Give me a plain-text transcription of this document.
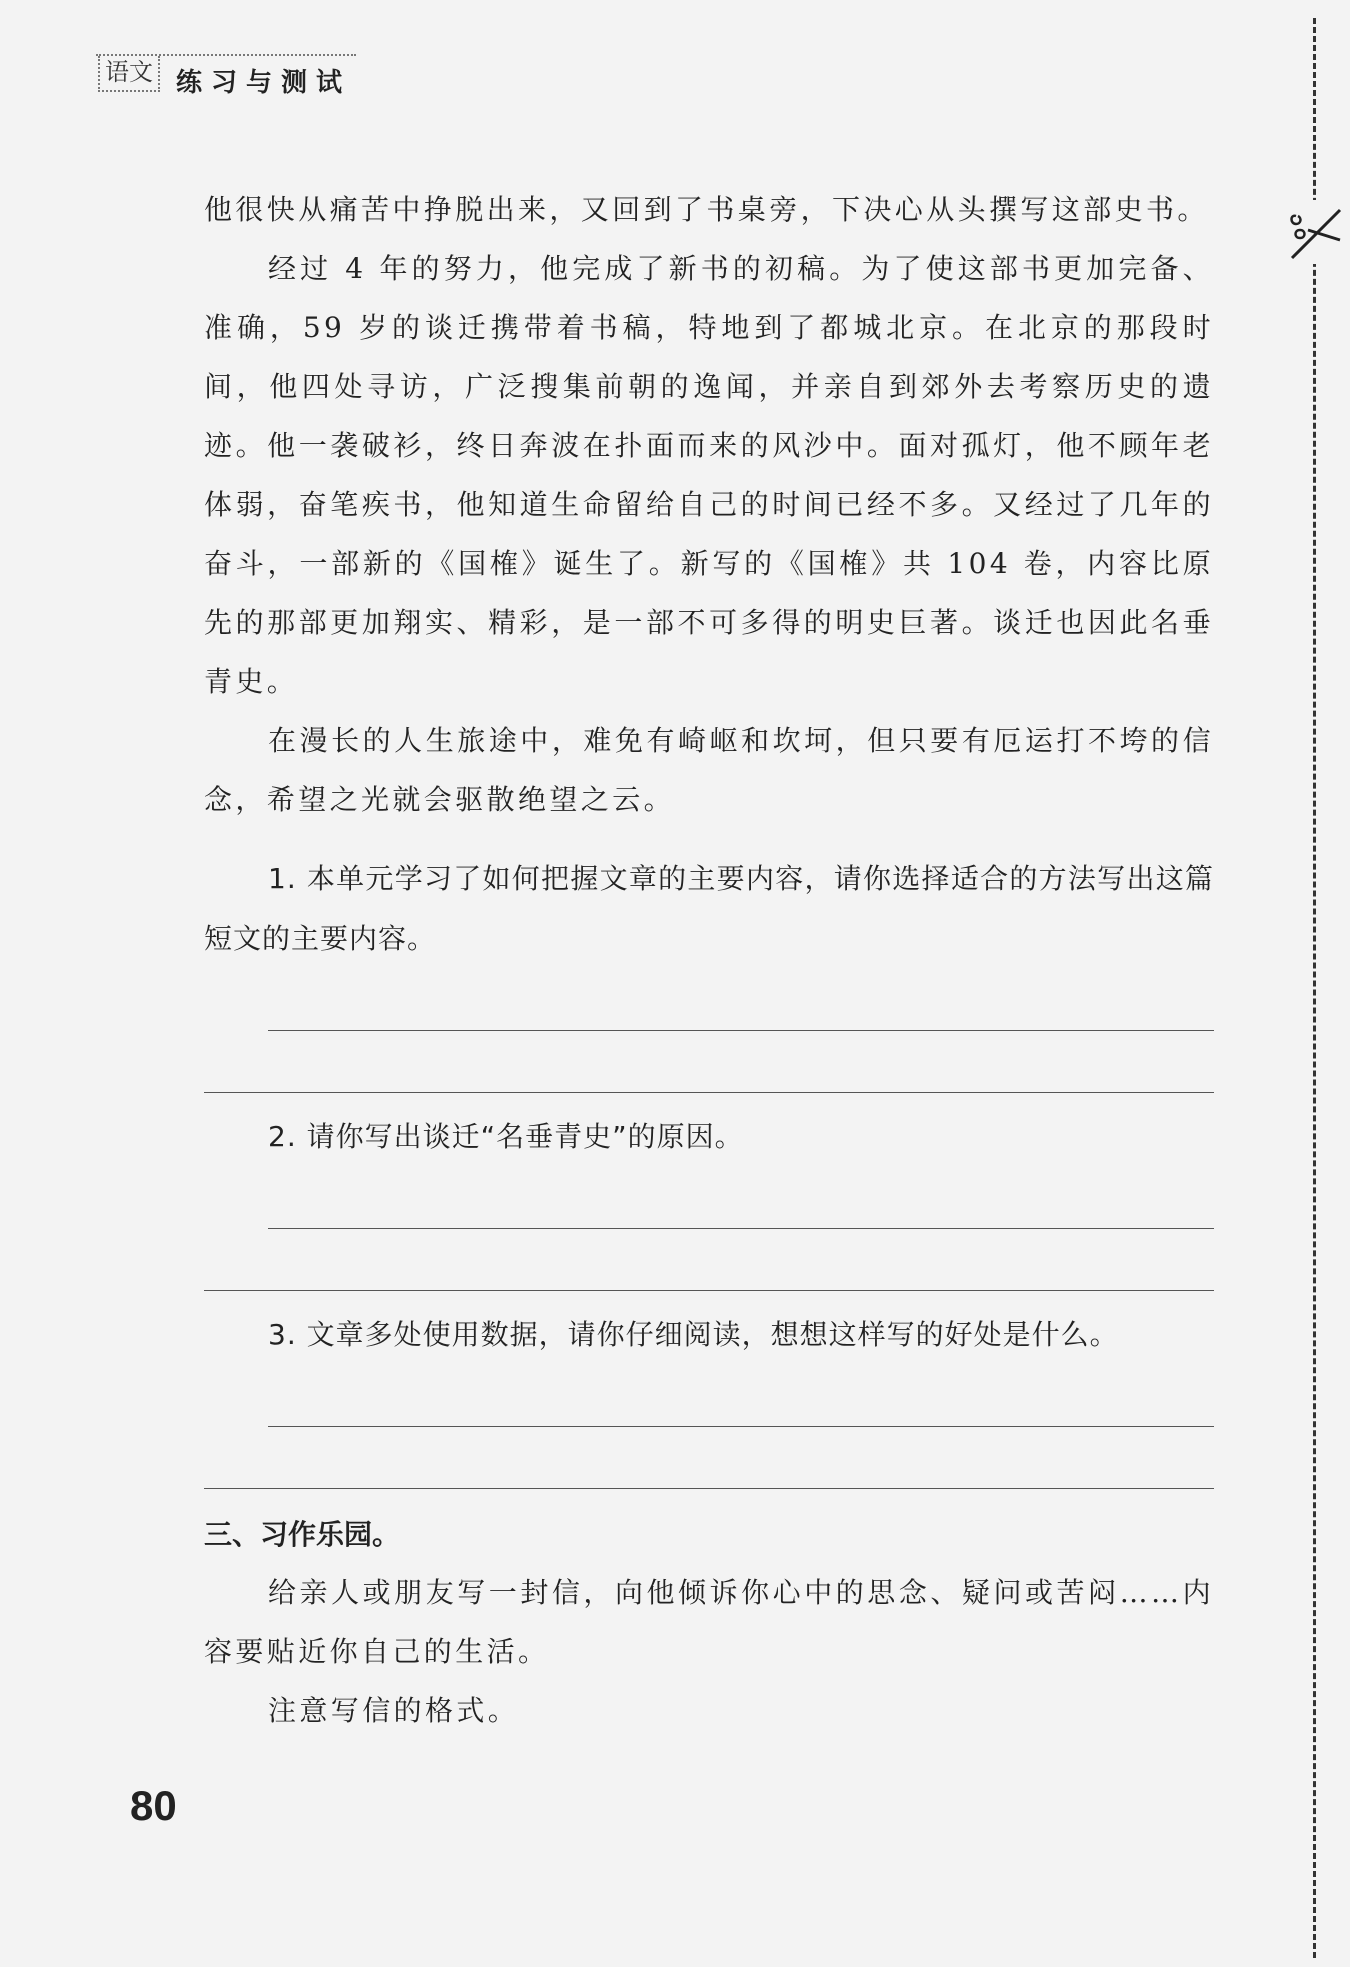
语文 练习与测试

他很快从痛苦中挣脱出来，又回到了书桌旁，下决心从头撰写这部史书。

经过 4 年的努力，他完成了新书的初稿。为了使这部书更加完备、准确，59 岁的谈迁携带着书稿，特地到了都城北京。在北京的那段时间，他四处寻访，广泛搜集前朝的逸闻，并亲自到郊外去考察历史的遗迹。他一袭破衫，终日奔波在扑面而来的风沙中。面对孤灯，他不顾年老体弱，奋笔疾书，他知道生命留给自己的时间已经不多。又经过了几年的奋斗，一部新的《国榷》诞生了。新写的《国榷》共 104 卷，内容比原先的那部更加翔实、精彩，是一部不可多得的明史巨著。谈迁也因此名垂青史。

在漫长的人生旅途中，难免有崎岖和坎坷，但只要有厄运打不垮的信念，希望之光就会驱散绝望之云。

1. 本单元学习了如何把握文章的主要内容，请你选择适合的方法写出这篇短文的主要内容。

2. 请你写出谈迁“名垂青史”的原因。

3. 文章多处使用数据，请你仔细阅读，想想这样写的好处是什么。

三、习作乐园。

给亲人或朋友写一封信，向他倾诉你心中的思念、疑问或苦闷……内容要贴近你自己的生活。

注意写信的格式。

80
